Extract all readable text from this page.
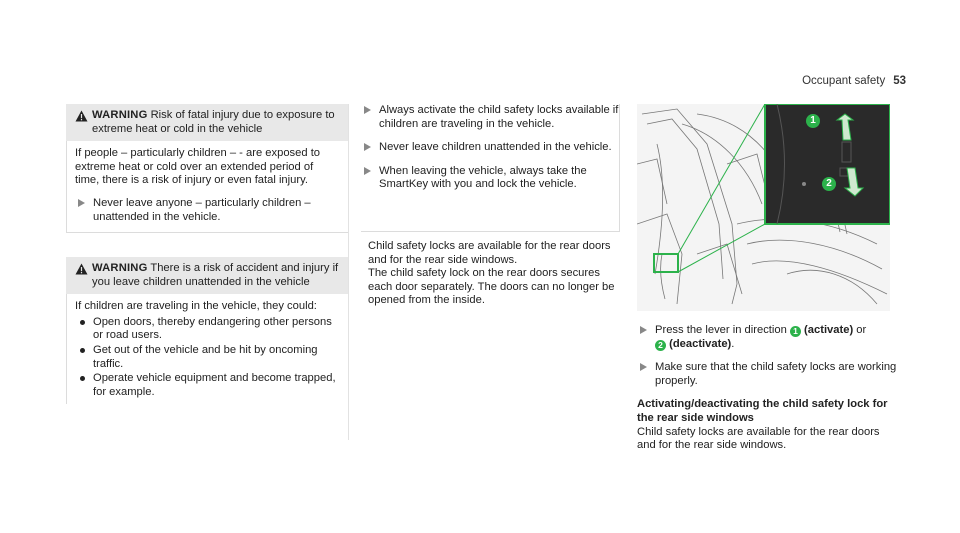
Occupant safety 53
WARNING Risk of fatal injury due to exposure to extreme heat or cold in the vehicle
If people – particularly children – - are exposed to extreme heat or cold over an extended period of time, there is a risk of injury or even fatal injury.
Never leave anyone – particularly children – unattended in the vehicle.
WARNING There is a risk of accident and injury if you leave children unattended in the vehicle
If children are traveling in the vehicle, they could:
Open doors, thereby endangering other persons or road users.
Get out of the vehicle and be hit by oncoming traffic.
Operate vehicle equipment and become trapped, for example.
Always activate the child safety locks available if children are traveling in the vehicle.
Never leave children unattended in the vehicle.
When leaving the vehicle, always take the SmartKey with you and lock the vehicle.
Child safety locks are available for the rear doors and for the rear side windows.
The child safety lock on the rear doors secures each door separately. The doors can no longer be opened from the inside.
1
2
Press the lever in direction 1 (activate) or
2 (deactivate).
Make sure that the child safety locks are working properly.
Activating/deactivating the child safety lock for the rear side windows
Child safety locks are available for the rear doors and for the rear side windows.
